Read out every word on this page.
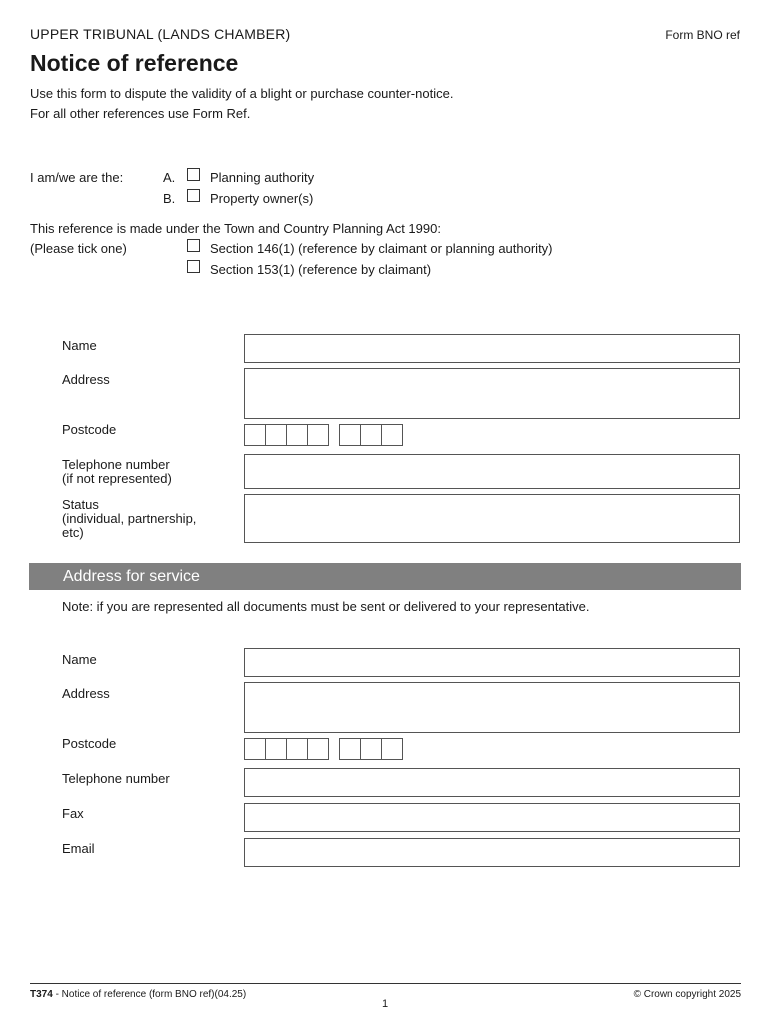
UPPER TRIBUNAL (LANDS CHAMBER)	Form BNO ref
Notice of reference
Use this form to dispute the validity of a blight or purchase counter-notice.
For all other references use Form Ref.
I am/we are the:	A.	Planning authority
B.	Property owner(s)
This reference is made under the Town and Country Planning Act 1990:
(Please tick one)	Section 146(1) (reference by claimant or planning authority)
Section 153(1) (reference by claimant)
Name
Address
Postcode
Telephone number
(if not represented)
Status
(individual, partnership,
etc)
Address for service
Note: if you are represented all documents must be sent or delivered to your representative.
Name
Address
Postcode
Telephone number
Fax
Email
T374 - Notice of reference (form BNO ref)(04.25)	© Crown copyright 2025
1
